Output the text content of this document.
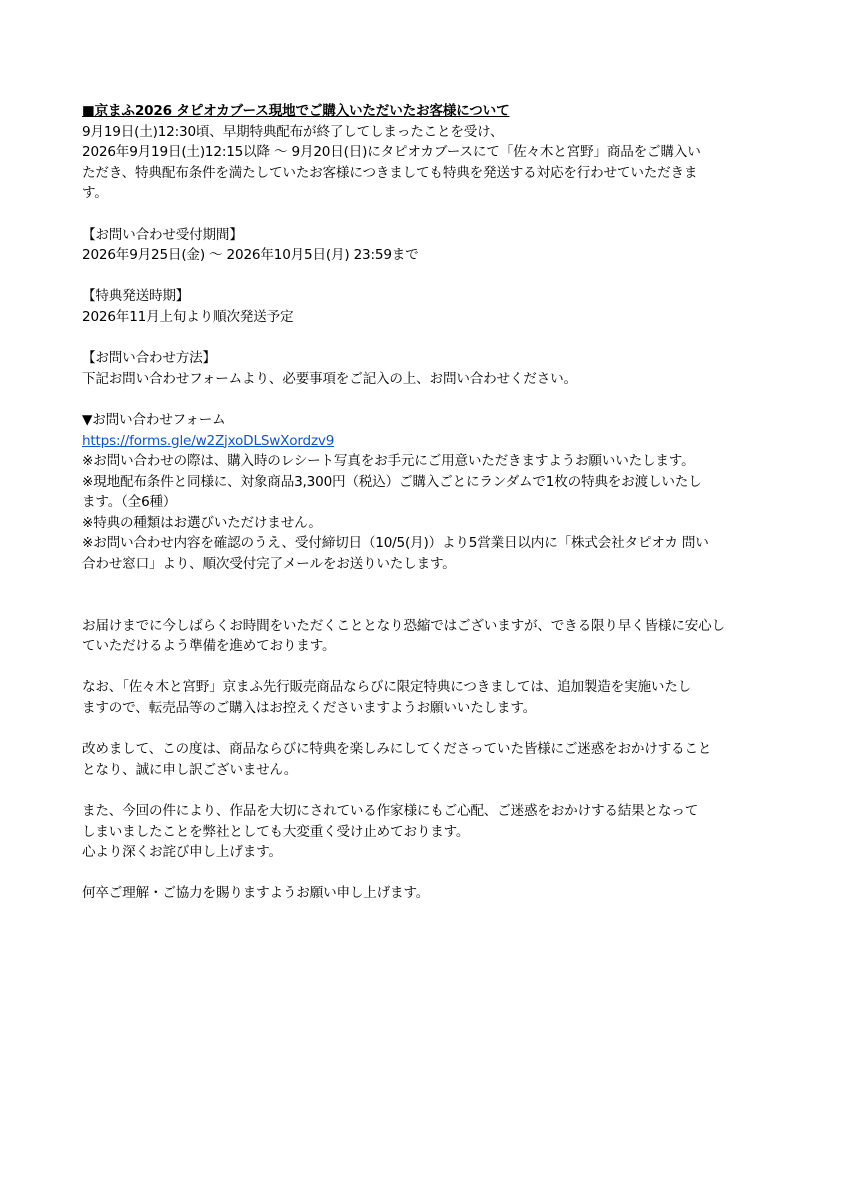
■京まふ2026 タピオカブース現地でご購入いただいたお客様について
9月19日(土)12:30頃、早期特典配布が終了してしまったことを受け、
2026年9月19日(土)12:15以降 〜 9月20日(日)にタピオカブースにて「佐々木と宮野」商品をご購入い
ただき、特典配布条件を満たしていたお客様につきましても特典を発送する対応を行わせていただきま
す。
【お問い合わせ受付期間】
2026年9月25日(金) 〜 2026年10月5日(月) 23:59まで
【特典発送時期】
2026年11月上旬より順次発送予定
【お問い合わせ方法】
下記お問い合わせフォームより、必要事項をご記入の上、お問い合わせください。
▼お問い合わせフォーム
https://forms.gle/w2ZjxoDLSwXordzv9
※お問い合わせの際は、購入時のレシート写真をお手元にご用意いただきますようお願いいたします。
※現地配布条件と同様に、対象商品3,300円（税込）ご購入ごとにランダムで1枚の特典をお渡しいたし
ます。（全6種）
※特典の種類はお選びいただけません。
※お問い合わせ内容を確認のうえ、受付締切日（10/5(月)）より5営業日以内に「株式会社タピオカ 問い
合わせ窓口」より、順次受付完了メールをお送りいたします。
お届けまでに今しばらくお時間をいただくこととなり恐縮ではございますが、できる限り早く皆様に安心し
ていただけるよう準備を進めております。
なお、「佐々木と宮野」京まふ先行販売商品ならびに限定特典につきましては、追加製造を実施いたし
ますので、転売品等のご購入はお控えくださいますようお願いいたします。
改めまして、この度は、商品ならびに特典を楽しみにしてくださっていた皆様にご迷惑をおかけすること
となり、誠に申し訳ございません。
また、今回の件により、作品を大切にされている作家様にもご心配、ご迷惑をおかけする結果となって
しまいましたことを弊社としても大変重く受け止めております。
心より深くお詫び申し上げます。
何卒ご理解・ご協力を賜りますようお願い申し上げます。
